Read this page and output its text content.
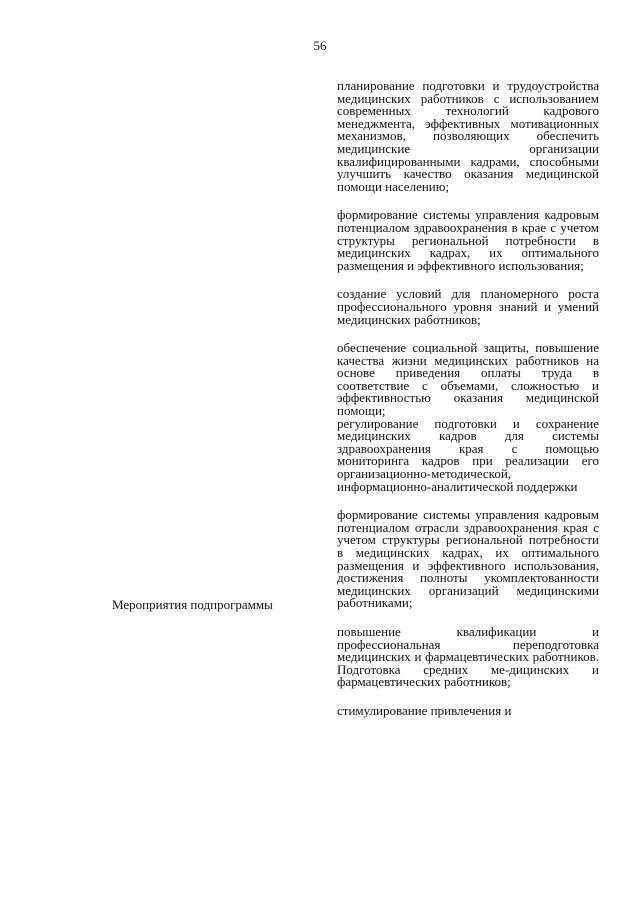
56
Мероприятия подпрограммы

планирование подготовки и трудоустройства медицинских работников с использованием современных технологий кадрового менеджмента, эффективных мотивационных механизмов, позволяющих обеспечить медицинские организации квалифицированными кадрами, способными улучшить качество оказания медицинской помощи населению;

формирование системы управления кадровым потенциалом здравоохранения в крае с учетом структуры региональной потребности в медицинских кадрах, их оптимального размещения и эффективного использования;

создание условий для планомерного роста профессионального уровня знаний и умений медицинских работников;

обеспечение социальной защиты, повышение качества жизни медицинских работников на основе приведения оплаты труда в соответствие с объемами, сложностью и эффективностью оказания медицинской помощи;

регулирование подготовки и сохранение медицинских кадров для системы здравоохранения края с помощью мониторинга кадров при реализации его организационно-методической, информационно-аналитической поддержки

формирование системы управления кадровым потенциалом отрасли здравоохранения края с учетом структуры региональной потребности в медицинских кадрах, их оптимального размещения и эффективного использования, достижения полноты укомплектованности медицинских организаций медицинскими работниками;

повышение квалификации и профессиональная переподготовка медицинских и фармацевтических работников. Подготовка средних ме-дицинских и фармацевтических работников;

стимулирование привлечения и
